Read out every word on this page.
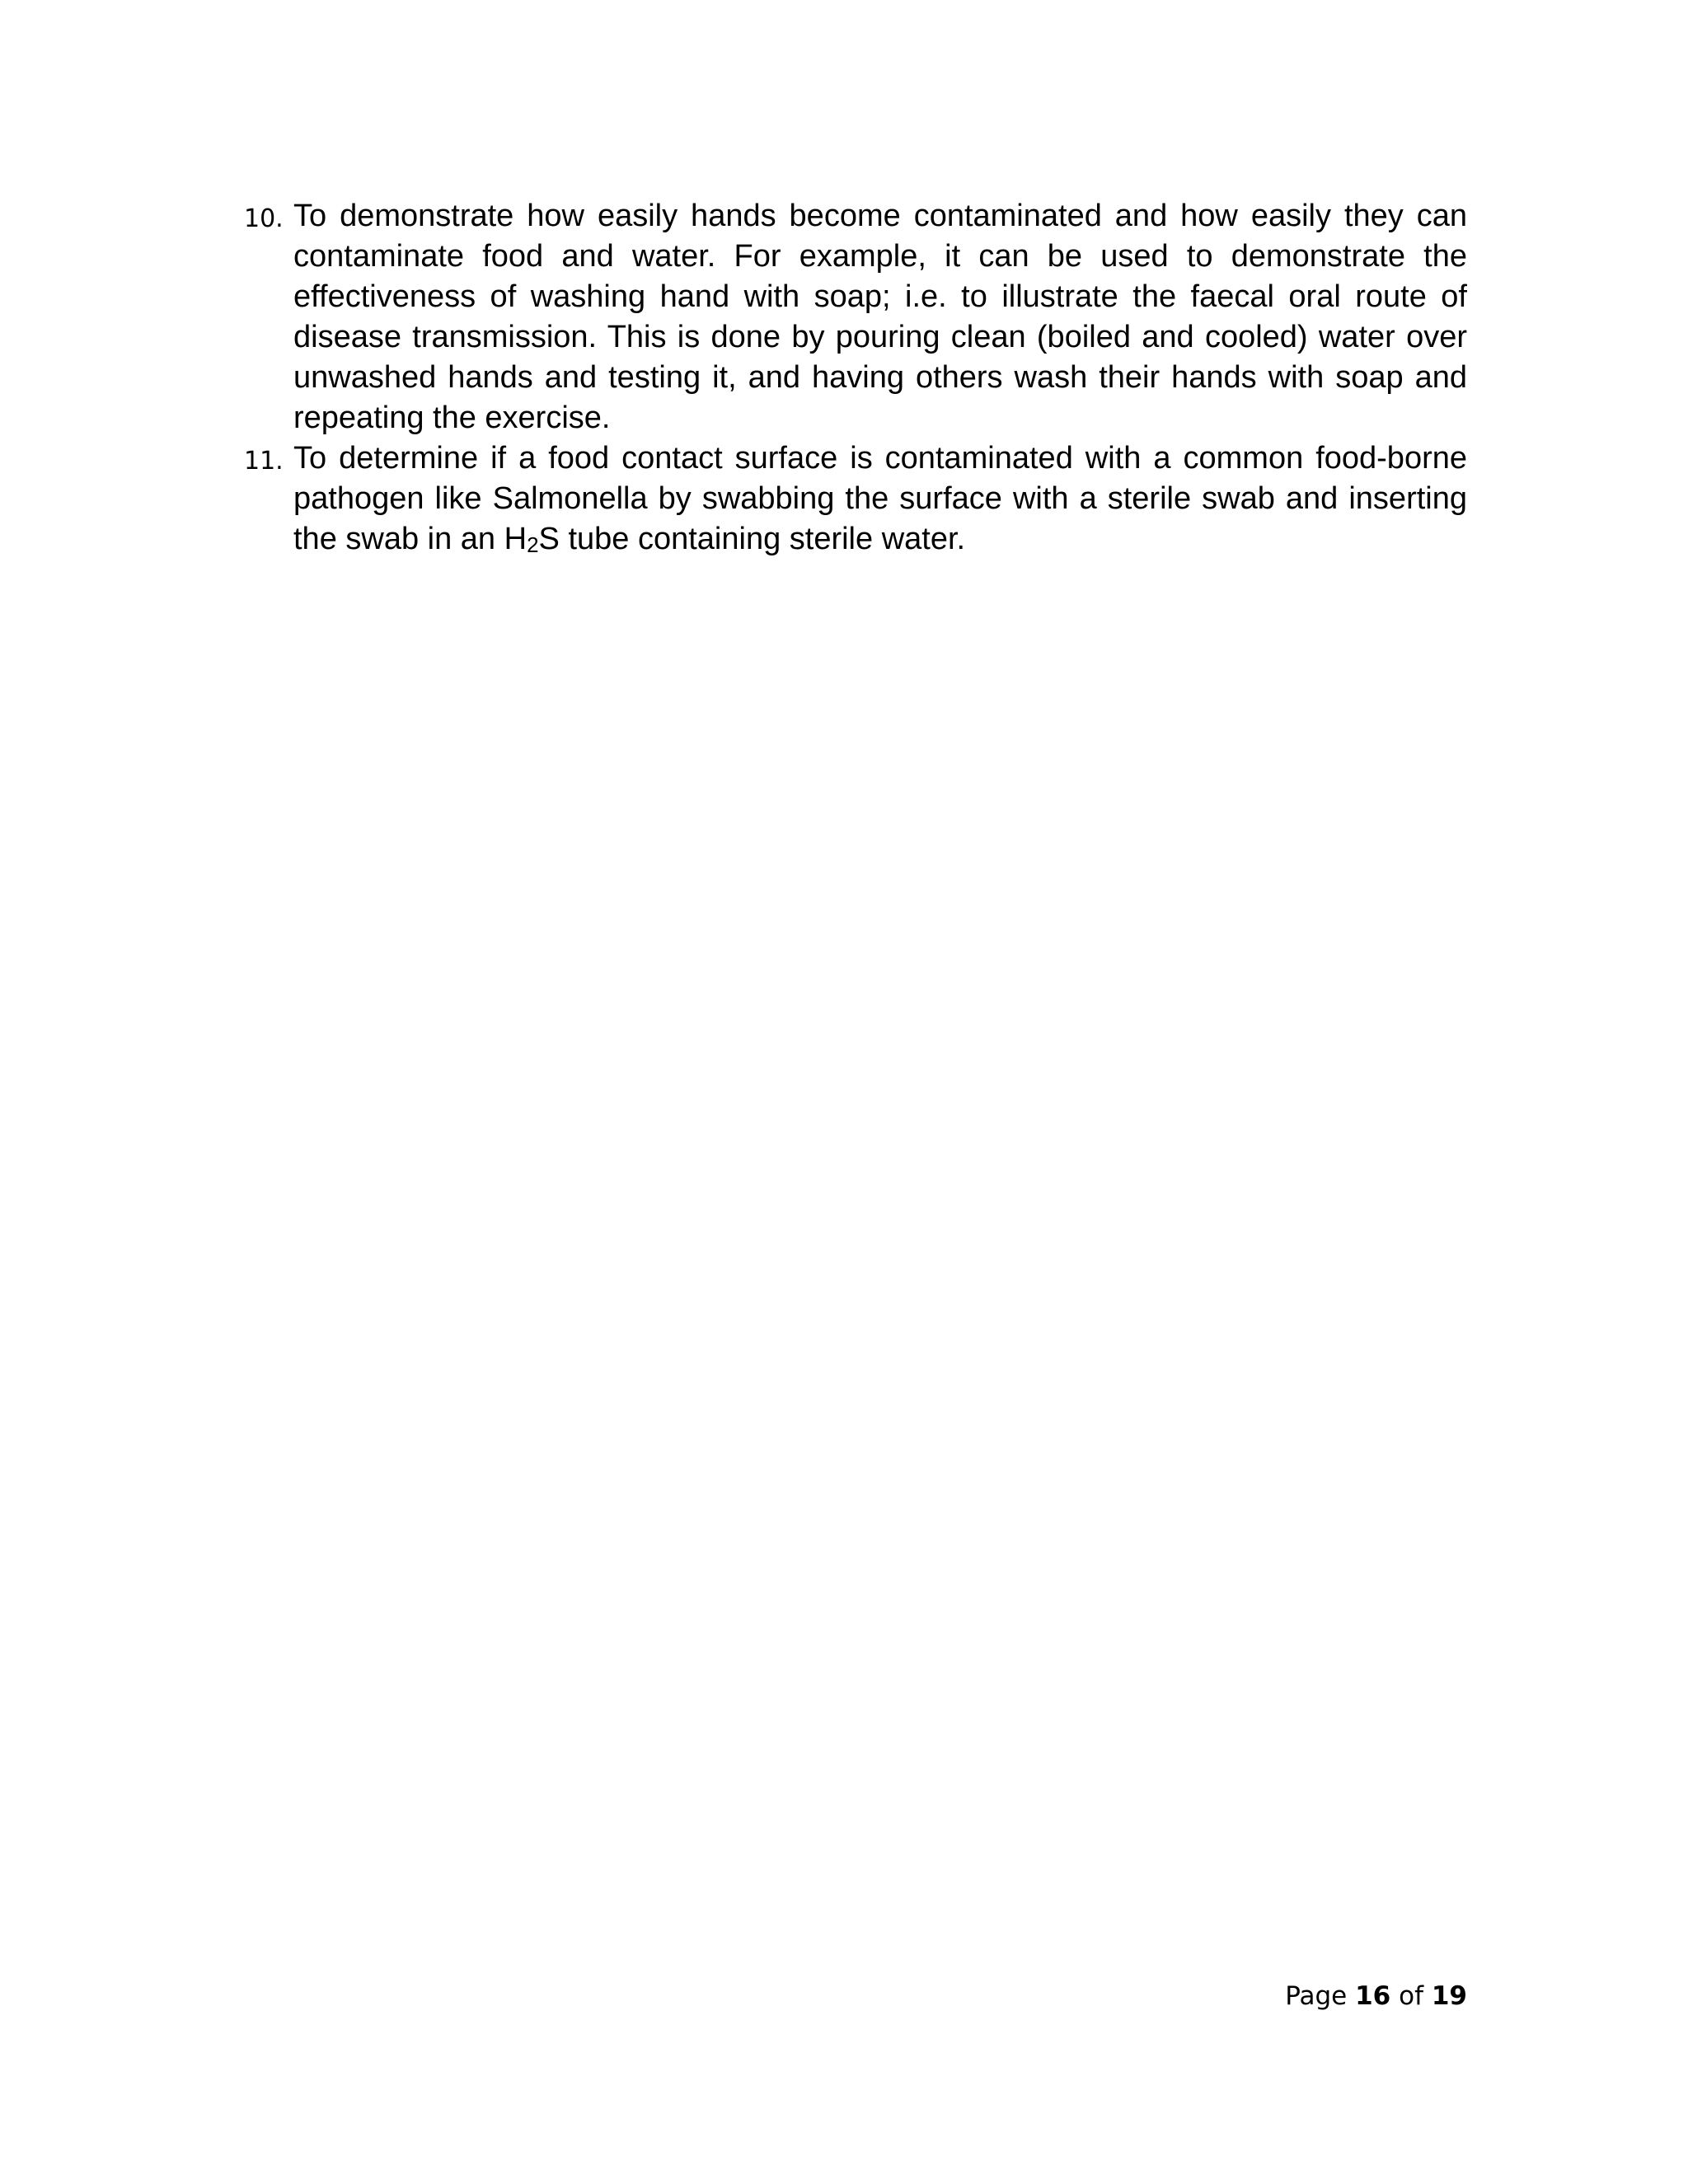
10. To demonstrate how easily hands become contaminated and how easily they can contaminate food and water. For example, it can be used to demonstrate the effectiveness of washing hand with soap; i.e. to illustrate the faecal oral route of disease transmission. This is done by pouring clean (boiled and cooled) water over unwashed hands and testing it, and having others wash their hands with soap and repeating the exercise.
11. To determine if a food contact surface is contaminated with a common food-borne pathogen like Salmonella by swabbing the surface with a sterile swab and inserting the swab in an $H_2S$ tube containing sterile water.
Page 16 of 19
